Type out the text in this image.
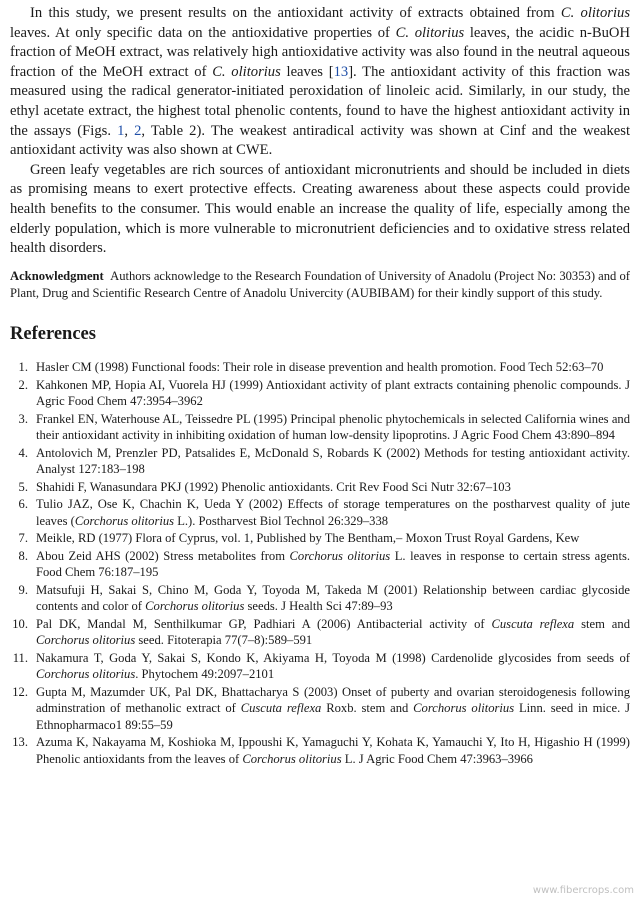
In this study, we present results on the antioxidant activity of extracts obtained from C. olitorius leaves. At only specific data on the antioxidative properties of C. olitorius leaves, the acidic n-BuOH fraction of MeOH extract, was relatively high antioxidative activity was also found in the neutral aqueous fraction of the MeOH extract of C. olitorius leaves [13]. The antioxidant activity of this fraction was measured using the radical generator-initiated peroxidation of linoleic acid. Similarly, in our study, the ethyl acetate extract, the highest total phenolic contents, found to have the highest antioxidant activity in the assays (Figs. 1, 2, Table 2). The weakest antiradical activity was shown at Cinf and the weakest antioxidant activity was also shown at CWE.

Green leafy vegetables are rich sources of antioxidant micronutrients and should be included in diets as promising means to exert protective effects. Creating awareness about these aspects could provide health benefits to the consumer. This would enable an increase the quality of life, especially among the elderly population, which is more vulnerable to micronutrient deficiencies and to oxidative stress related health disorders.

Acknowledgment Authors acknowledge to the Research Foundation of University of Anadolu (Project No: 30353) and of Plant, Drug and Scientific Research Centre of Anadolu Univercity (AUBIBAM) for their kindly support of this study.
References
1. Hasler CM (1998) Functional foods: Their role in disease prevention and health promotion. Food Tech 52:63–70
2. Kahkonen MP, Hopia AI, Vuorela HJ (1999) Antioxidant activity of plant extracts containing phenolic compounds. J Agric Food Chem 47:3954–3962
3. Frankel EN, Waterhouse AL, Teissedre PL (1995) Principal phenolic phytochemicals in selected California wines and their antioxidant activity in inhibiting oxidation of human low-density lipoprotins. J Agric Food Chem 43:890–894
4. Antolovich M, Prenzler PD, Patsalides E, McDonald S, Robards K (2002) Methods for testing antioxidant activity. Analyst 127:183–198
5. Shahidi F, Wanasundara PKJ (1992) Phenolic antioxidants. Crit Rev Food Sci Nutr 32:67–103
6. Tulio JAZ, Ose K, Chachin K, Ueda Y (2002) Effects of storage temperatures on the postharvest quality of jute leaves (Corchorus olitorius L.). Postharvest Biol Technol 26:329–338
7. Meikle, RD (1977) Flora of Cyprus, vol. 1, Published by The Bentham,– Moxon Trust Royal Gardens, Kew
8. Abou Zeid AHS (2002) Stress metabolites from Corchorus olitorius L. leaves in response to certain stress agents. Food Chem 76:187–195
9. Matsufuji H, Sakai S, Chino M, Goda Y, Toyoda M, Takeda M (2001) Relationship between cardiac glycoside contents and color of Corchorus olitorius seeds. J Health Sci 47:89–93
10. Pal DK, Mandal M, Senthilkumar GP, Padhiari A (2006) Antibacterial activity of Cuscuta reflexa stem and Corchorus olitorius seed. Fitoterapia 77(7–8):589–591
11. Nakamura T, Goda Y, Sakai S, Kondo K, Akiyama H, Toyoda M (1998) Cardenolide glycosides from seeds of Corchorus olitorius. Phytochem 49:2097–2101
12. Gupta M, Mazumder UK, Pal DK, Bhattacharya S (2003) Onset of puberty and ovarian steroidogenesis following adminstration of methanolic extract of Cuscuta reflexa Roxb. stem and Corchorus olitorius Linn. seed in mice. J Ethnopharmaco1 89:55–59
13. Azuma K, Nakayama M, Koshioka M, Ippoushi K, Yamaguchi Y, Kohata K, Yamauchi Y, Ito H, Higashio H (1999) Phenolic antioxidants from the leaves of Corchorus olitorius L. J Agric Food Chem 47:3963–3966
www.fibercrops.com
